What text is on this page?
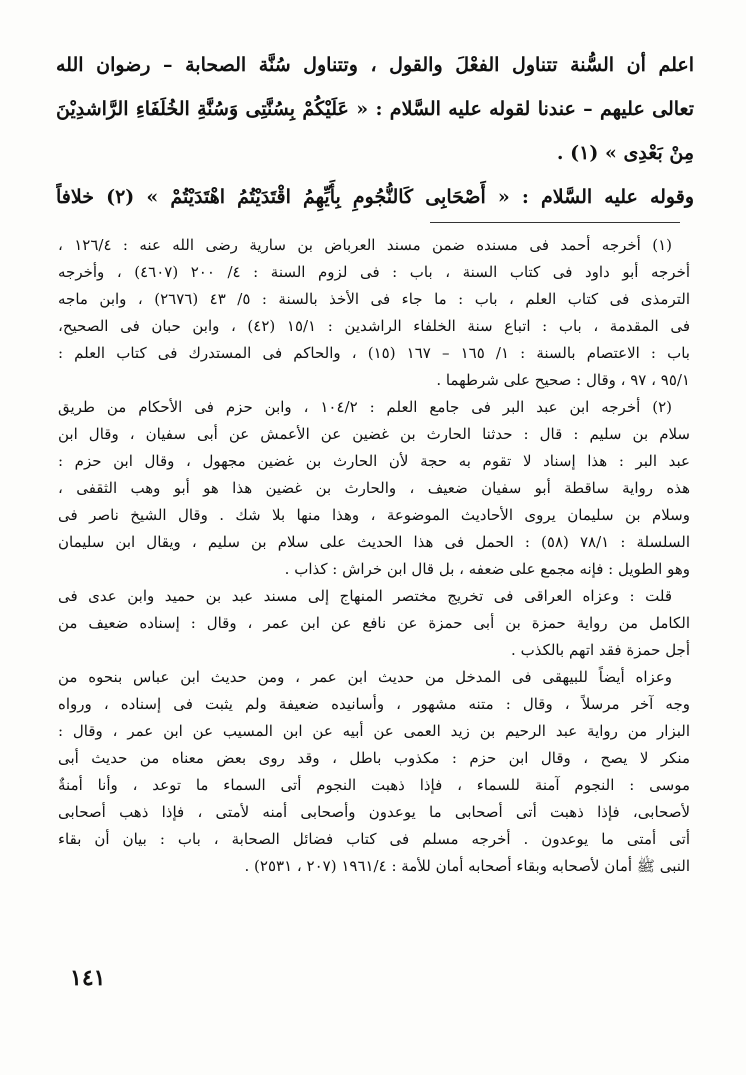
اعلم أن السُّنة تتناول الفعْلَ والقول ، وتتناول سُنَّة الصحابة – رضوان الله
تعالى عليهم – عندنا لقوله عليه السَّلام : « عَلَيْكُمْ بِسُنَّتِى وَسُنَّةِ الخُلَفَاءِ الرَّاشدِيْنَ
مِنْ بَعْدِى » (١) .
وقوله عليه السَّلام : « أَصْحَابِى كَالنُّجُومِ بِأَيِّهِمُ اقْتَدَيْتُمُ اهْتَدَيْتُمْ » (٢) خلافاً
(١) أخرجه أحمد فى مسنده ضمن مسند العرباض بن سارية رضى الله عنه : ١٢٦/٤ ،
أخرجه أبو داود فى كتاب السنة ، باب : فى لزوم السنة : ٤/ ٢٠٠ (٤٦٠٧) ، وأخرجه
الترمذى فى كتاب العلم ، باب : ما جاء فى الأخذ بالسنة : ٥/ ٤٣ (٢٦٧٦) ، وابن ماجه
فى المقدمة ، باب : اتباع سنة الخلفاء الراشدين : ١٥/١ (٤٢) ، وابن حبان فى الصحيح،
باب : الاعتصام بالسنة : ١/ ١٦٥ – ١٦٧ (١٥) ، والحاكم فى المستدرك فى كتاب العلم :
٩٥/١ ، ٩٧ ، وقال : صحيح على شرطهما .
(٢) أخرجه ابن عبد البر فى جامع العلم : ١٠٤/٢ ، وابن حزم فى الأحكام من طريق
سلام بن سليم : قال : حدثنا الحارث بن غضين عن الأعمش عن أبى سفيان ، وقال ابن
عبد البر : هذا إسناد لا تقوم به حجة لأن الحارث بن غضين مجهول ، وقال ابن حزم :
هذه رواية ساقطة أبو سفيان ضعيف ، والحارث بن غضين هذا هو أبو وهب الثقفى ،
وسلام بن سليمان يروى الأحاديث الموضوعة ، وهذا منها بلا شك . وقال الشيخ ناصر فى
السلسلة : ٧٨/١ (٥٨) : الحمل فى هذا الحديث على سلام بن سليم ، ويقال ابن سليمان
وهو الطويل : فإنه مجمع على ضعفه ، بل قال ابن خراش : كذاب .
قلت : وعزاه العراقى فى تخريج مختصر المنهاج إلى مسند عبد بن حميد وابن عدى فى
الكامل من رواية حمزة بن أبى حمزة عن نافع عن ابن عمر ، وقال : إسناده ضعيف من
أجل حمزة فقد اتهم بالكذب .
وعزاه أيضاً للبيهقى فى المدخل من حديث ابن عمر ، ومن حديث ابن عباس بنحوه من
وجه آخر مرسلاً ، وقال : متنه مشهور ، وأسانيده ضعيفة ولم يثبت فى إسناده ، ورواه
البزار من رواية عبد الرحيم بن زيد العمى عن أبيه عن ابن المسيب عن ابن عمر ، وقال :
منكر لا يصح ، وقال ابن حزم : مكذوب باطل ، وقد روى بعض معناه من حديث أبى
موسى : النجوم آمنة للسماء ، فإذا ذهبت النجوم أتى السماء ما توعد ، وأنا أمنةٌ
لأصحابى، فإذا ذهبت أتى أصحابى ما يوعدون وأصحابى أمنه لأمتى ، فإذا ذهب أصحابى
أتى أمتى ما يوعدون . أخرجه مسلم فى كتاب فضائل الصحابة ، باب : بيان أن بقاء
النبى ﷺ أمان لأصحابه وبقاء أصحابه أمان للأمة : ١٩٦١/٤ (٢٠٧ ، ٢٥٣١) .
١٤١
